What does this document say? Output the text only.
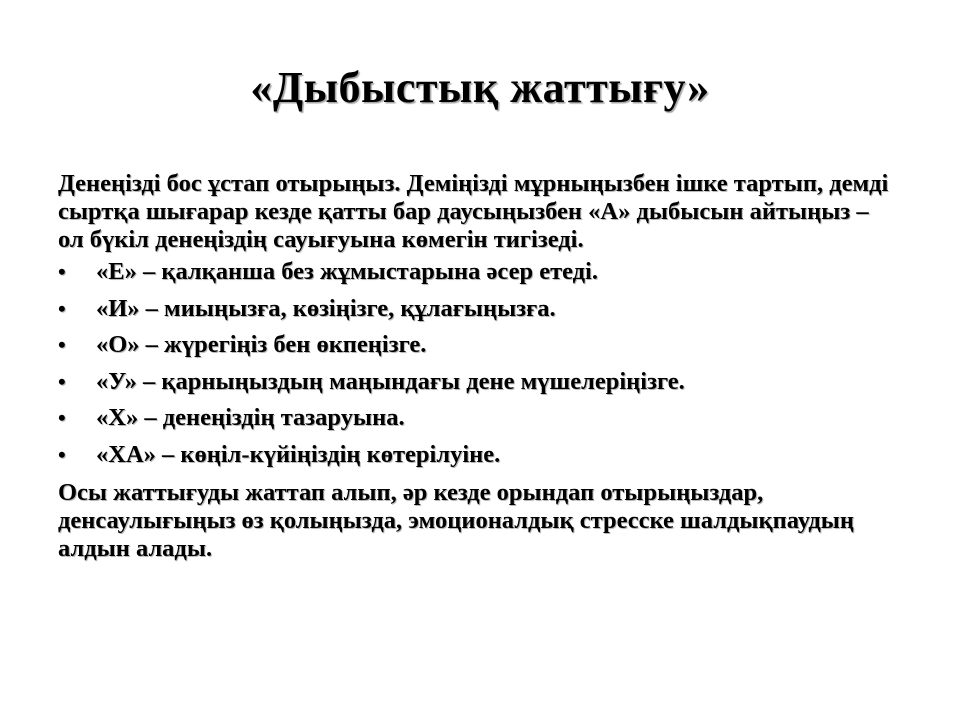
«Дыбыстық жаттығу»

Денеңізді бос ұстап отырыңыз. Деміңізді мұрныңызбен ішке тартып, демді сыртқа шығарар кезде қатты бар даусыңызбен «А» дыбысын айтыңыз – ол бүкіл денеңіздің сауығуына көмегін тигізеді.

• «Е» – қалқанша без жұмыстарына әсер етеді.
• «И» – миыңызға, көзіңізге, құлағыңызға.
• «О» – жүрегіңіз бен өкпеңізге.
• «У» – қарныңыздың маңындағы дене мүшелеріңізге.
• «Х» – денеңіздің тазаруына.
• «ХА» – көңіл-күйіңіздің көтерілуіне.

Осы жаттығуды жаттап алып, әр кезде орындап отырыңыздар, денсаулығыңыз өз қолыңызда, эмоционалдық стресске шалдықпаудың алдын алады.
